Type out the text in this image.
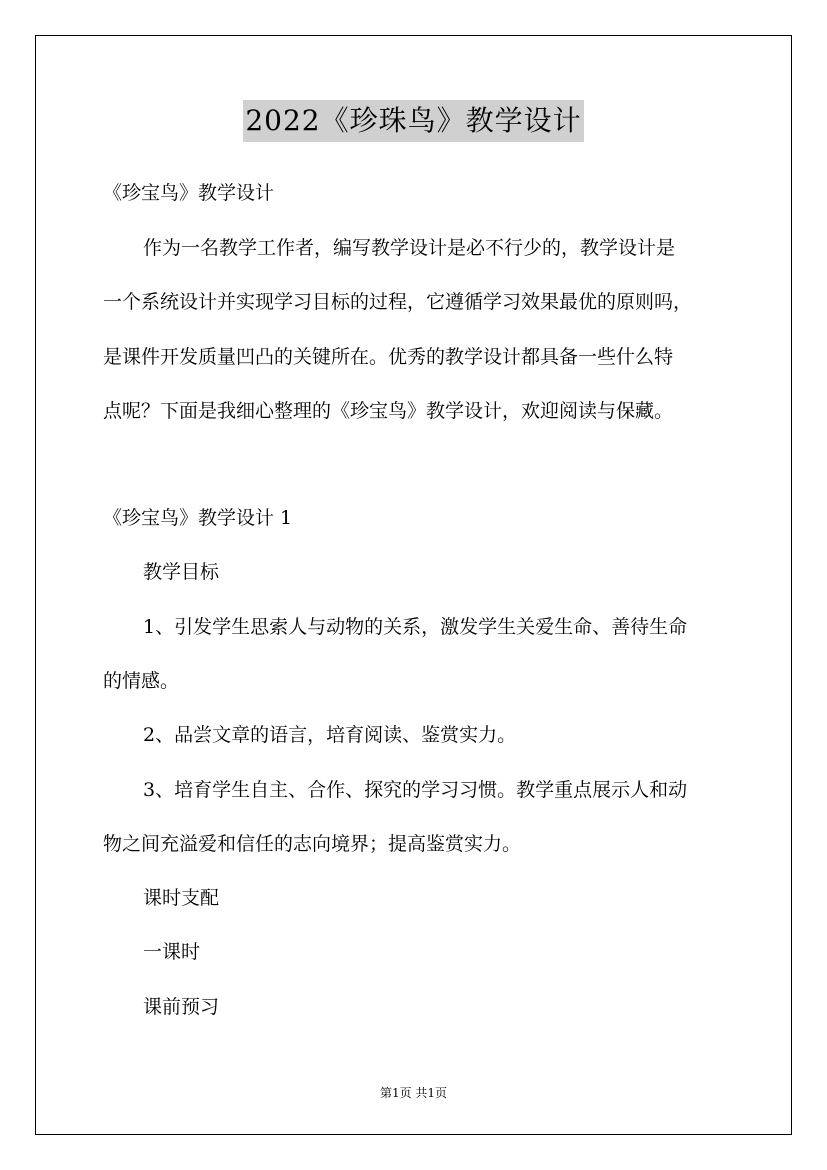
2022《珍珠鸟》教学设计
《珍宝鸟》教学设计
作为一名教学工作者，编写教学设计是必不行少的，教学设计是
一个系统设计并实现学习目标的过程，它遵循学习效果最优的原则吗，
是课件开发质量凹凸的关键所在。优秀的教学设计都具备一些什么特
点呢？下面是我细心整理的《珍宝鸟》教学设计，欢迎阅读与保藏。
《珍宝鸟》教学设计 1
教学目标
1、引发学生思索人与动物的关系，激发学生关爱生命、善待生命
的情感。
2、品尝文章的语言，培育阅读、鉴赏实力。
3、培育学生自主、合作、探究的学习习惯。教学重点展示人和动
物之间充溢爱和信任的志向境界；提高鉴赏实力。
课时支配
一课时
课前预习
第1页 共1页
